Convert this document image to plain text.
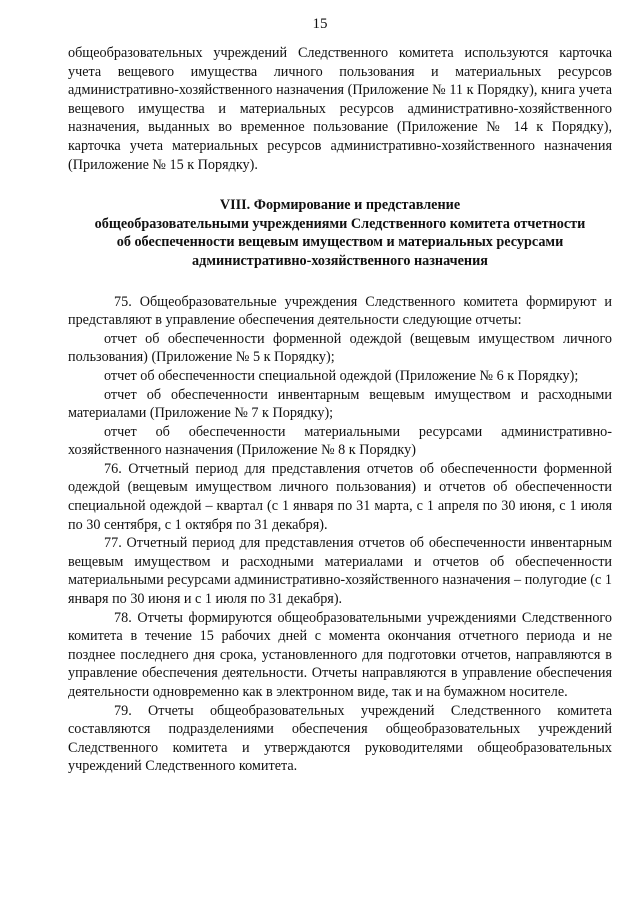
15

общеобразовательных учреждений Следственного комитета используются карточка учета вещевого имущества личного пользования и материальных ресурсов административно-хозяйственного назначения (Приложение № 11 к Порядку), книга учета вещевого имущества и материальных ресурсов административно-хозяйственного назначения, выданных во временное пользование (Приложение № 14 к Порядку), карточка учета материальных ресурсов административно-хозяйственного назначения (Приложение № 15 к Порядку).

VIII. Формирование и представление
общеобразовательными учреждениями Следственного комитета отчетности
об обеспеченности вещевым имуществом и материальных ресурсами
административно-хозяйственного назначения

75. Общеобразовательные учреждения Следственного комитета формируют и представляют в управление обеспечения деятельности следующие отчеты:

отчет об обеспеченности форменной одеждой (вещевым имуществом личного пользования) (Приложение № 5 к Порядку);

отчет об обеспеченности специальной одеждой (Приложение № 6 к Порядку);

отчет об обеспеченности инвентарным вещевым имуществом и расходными материалами (Приложение № 7 к Порядку);

отчет об обеспеченности материальными ресурсами административно-хозяйственного назначения (Приложение № 8 к Порядку)

76. Отчетный период для представления отчетов об обеспеченности форменной одеждой (вещевым имуществом личного пользования) и отчетов об обеспеченности специальной одеждой – квартал (с 1 января по 31 марта, с 1 апреля по 30 июня, с 1 июля по 30 сентября, с 1 октября по 31 декабря).

77. Отчетный период для представления отчетов об обеспеченности инвентарным вещевым имуществом и расходными материалами и отчетов об обеспеченности материальными ресурсами административно-хозяйственного назначения – полугодие (с 1 января по 30 июня и с 1 июля по 31 декабря).

78. Отчеты формируются общеобразовательными учреждениями Следственного комитета в течение 15 рабочих дней с момента окончания отчетного периода и не позднее последнего дня срока, установленного для подготовки отчетов, направляются в управление обеспечения деятельности. Отчеты направляются в управление обеспечения деятельности одновременно как в электронном виде, так и на бумажном носителе.

79. Отчеты общеобразовательных учреждений Следственного комитета составляются подразделениями обеспечения общеобразовательных учреждений Следственного комитета и утверждаются руководителями общеобразовательных учреждений Следственного комитета.
